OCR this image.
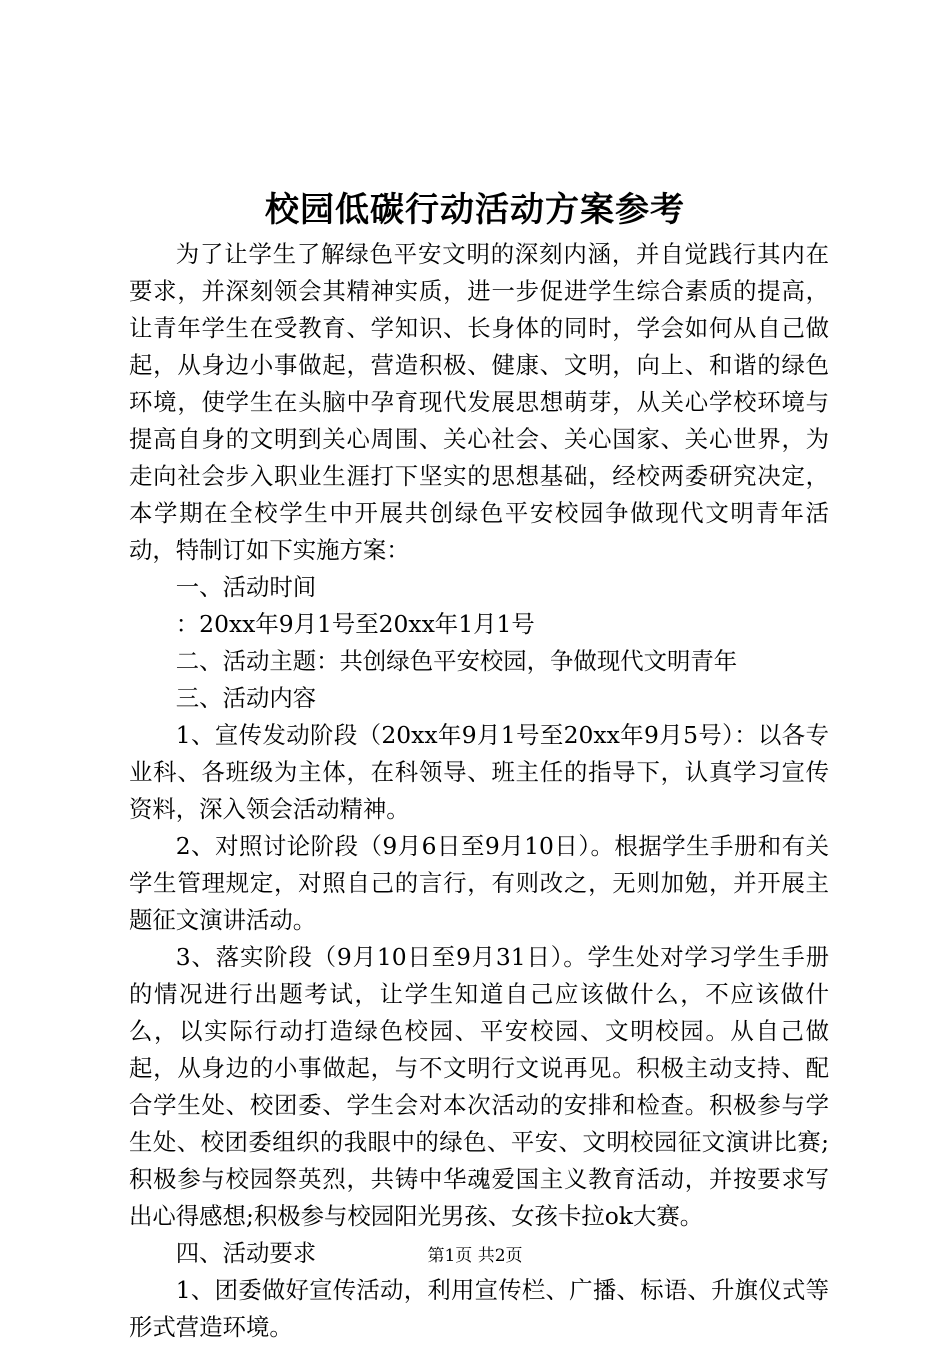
校园低碳行动活动方案参考

为了让学生了解绿色平安文明的深刻内涵，并自觉践行其内在要求，并深刻领会其精神实质，进一步促进学生综合素质的提高，让青年学生在受教育、学知识、长身体的同时，学会如何从自己做起，从身边小事做起，营造积极、健康、文明，向上、和谐的绿色环境，使学生在头脑中孕育现代发展思想萌芽，从关心学校环境与提高自身的文明到关心周围、关心社会、关心国家、关心世界，为走向社会步入职业生涯打下坚实的思想基础，经校两委研究决定，本学期在全校学生中开展共创绿色平安校园争做现代文明青年活动，特制订如下实施方案：

一、活动时间

：20xx年9月1号至20xx年1月1号

二、活动主题：共创绿色平安校园，争做现代文明青年

三、活动内容

1、宣传发动阶段（20xx年9月1号至20xx年9月5号）：以各专业科、各班级为主体，在科领导、班主任的指导下，认真学习宣传资料，深入领会活动精神。

2、对照讨论阶段（9月6日至9月10日）。根据学生手册和有关学生管理规定，对照自己的言行，有则改之，无则加勉，并开展主题征文演讲活动。

3、落实阶段（9月10日至9月31日）。学生处对学习学生手册的情况进行出题考试，让学生知道自己应该做什么，不应该做什么，以实际行动打造绿色校园、平安校园、文明校园。从自己做起，从身边的小事做起，与不文明行文说再见。积极主动支持、配合学生处、校团委、学生会对本次活动的安排和检查。积极参与学生处、校团委组织的我眼中的绿色、平安、文明校园征文演讲比赛;积极参与校园祭英烈，共铸中华魂爱国主义教育活动，并按要求写出心得感想;积极参与校园阳光男孩、女孩卡拉ok大赛。

四、活动要求

1、团委做好宣传活动，利用宣传栏、广播、标语、升旗仪式等形式营造环境。

第1页 共2页
